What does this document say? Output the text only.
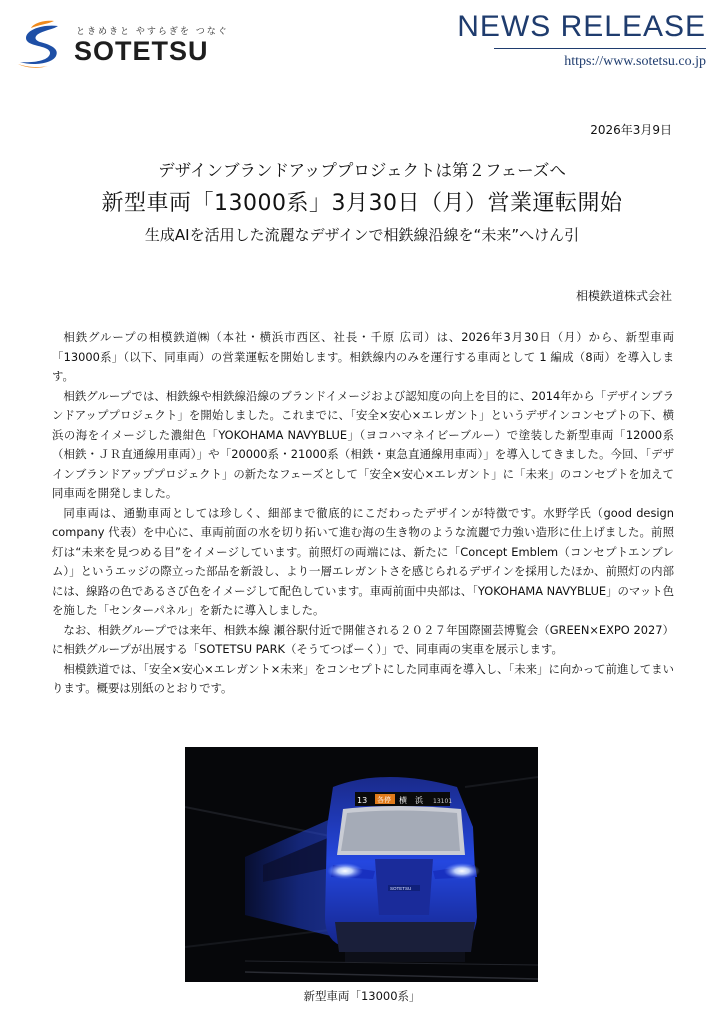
ときめきと やすらぎを つなぐ
SOTETSU
NEWS RELEASE
https://www.sotetsu.co.jp
2026年3月9日
デザインブランドアッププロジェクトは第２フェーズへ
新型車両「13000系」3月30日（月）営業運転開始
生成AIを活用した流麗なデザインで相鉄線沿線を“未来”へけん引
相模鉄道株式会社

相鉄グループの相模鉄道㈱（本社・横浜市西区、社長・千原 広司）は、2026年3月30日（月）から、新型車両「13000系」（以下、同車両）の営業運転を開始します。相鉄線内のみを運行する車両として 1 編成（8両）を導入します。

相鉄グループでは、相鉄線や相鉄線沿線のブランドイメージおよび認知度の向上を目的に、2014年から「デザインブランドアッププロジェクト」を開始しました。これまでに、「安全×安心×エレガント」というデザインコンセプトの下、横浜の海をイメージした濃紺色「YOKOHAMA NAVYBLUE」（ヨコハマネイビーブルー）で塗装した新型車両「12000系（相鉄・ＪＲ直通線用車両）」や「20000系・21000系（相鉄・東急直通線用車両）」を導入してきました。今回、「デザインブランドアッププロジェクト」の新たなフェーズとして「安全×安心×エレガント」に「未来」のコンセプトを加えて同車両を開発しました。

同車両は、通勤車両としては珍しく、細部まで徹底的にこだわったデザインが特徴です。水野学氏（good design company 代表）を中心に、車両前面の水を切り拓いて進む海の生き物のような流麗で力強い造形に仕上げました。前照灯は“未来を見つめる目”をイメージしています。前照灯の両端には、新たに「Concept Emblem（コンセプトエンブレム）」というエッジの際立った部品を新設し、より一層エレガントさを感じられるデザインを採用したほか、前照灯の内部には、線路の色であるさび色をイメージして配色しています。車両前面中央部は、「YOKOHAMA NAVYBLUE」のマット色を施した「センターパネル」を新たに導入しました。

なお、相鉄グループでは来年、相鉄本線 瀬谷駅付近で開催される２０２７年国際園芸博覧会（GREEN×EXPO 2027）に相鉄グループが出展する「SOTETSU PARK（そうてつぱーく）」で、同車両の実車を展示します。

相模鉄道では、「安全×安心×エレガント×未来」をコンセプトにした同車両を導入し、「未来」に向かって前進してまいります。概要は別紙のとおりです。

13 各停 横　浜 13101
SOTETSU
新型車両「13000系」
